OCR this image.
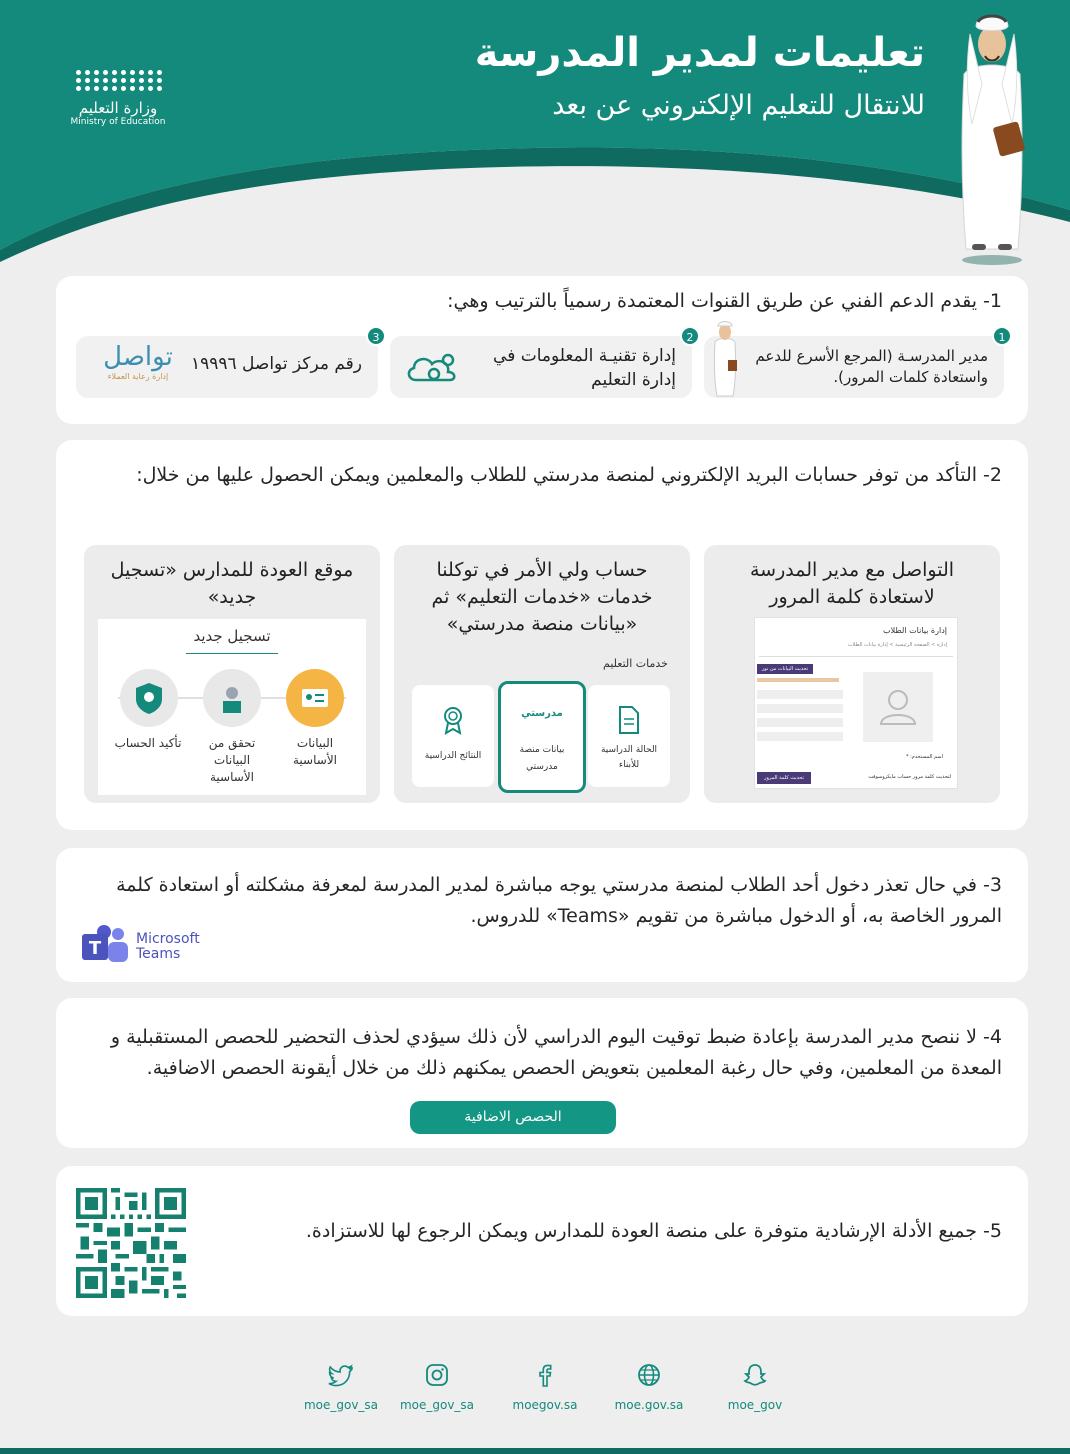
تعليمات لمدير المدرسة
للانتقال للتعليم الإلكتروني عن بعد
وزارة التعليم
Ministry of Education
1- يقدم الدعم الفني عن طريق القنوات المعتمدة رسمياً بالترتيب وهي:
1
مدير المدرسـة (المرجع الأسرع للدعم واستعادة كلمات المرور).
2
إدارة تقنيـة المعلومات في إدارة التعليم
3
رقم مركز تواصل ١٩٩٩٦
تواصل
إدارة رعاية العملاء
2- التأكد من توفر حسابات البريد الإلكتروني لمنصة مدرستي للطلاب والمعلمين ويمكن الحصول عليها من خلال:
التواصل مع مدير المدرسة لاستعادة كلمة المرور
إدارة بيانات الطلاب
إدارة > الصفحة الرئيسية > إدارة بيانات الطلاب
تحديث البيانات من نور
اسم المستخدم: *
تحديث كلمة المرور	لتحديث كلمة مرور حساب مايكروسوفت
حساب ولي الأمر في توكلنا خدمات «خدمات التعليم» ثم «بيانات منصة مدرستي»
خدمات التعليم
الحالة الدراسية للأبناء
مدرستي
بيانات منصة مدرستي
النتائج الدراسية
موقع العودة للمدارس «تسجيل جديد»
تسجيل جديد
البيانات الأساسية
تحقق من البيانات الأساسية
تأكيد الحساب
3- في حال تعذر دخول أحد الطلاب لمنصة مدرستي يوجه مباشرة لمدير المدرسة لمعرفة مشكلته أو استعادة كلمة المرور الخاصة به، أو الدخول مباشرة من تقويم «Teams» للدروس.
T Microsoft
Teams
4- لا ننصح مدير المدرسة بإعادة ضبط توقيت اليوم الدراسي لأن ذلك سيؤدي لحذف التحضير للحصص المستقبلية و المعدة من المعلمين، وفي حال رغبة المعلمين بتعويض الحصص يمكنهم ذلك من خلال أيقونة الحصص الاضافية.
الحصص الاضافية
5- جميع الأدلة الإرشادية متوفرة على منصة العودة للمدارس ويمكن الرجوع لها للاستزادة.
moe_gov
moe.gov.sa
moegov.sa
moe_gov_sa
moe_gov_sa
